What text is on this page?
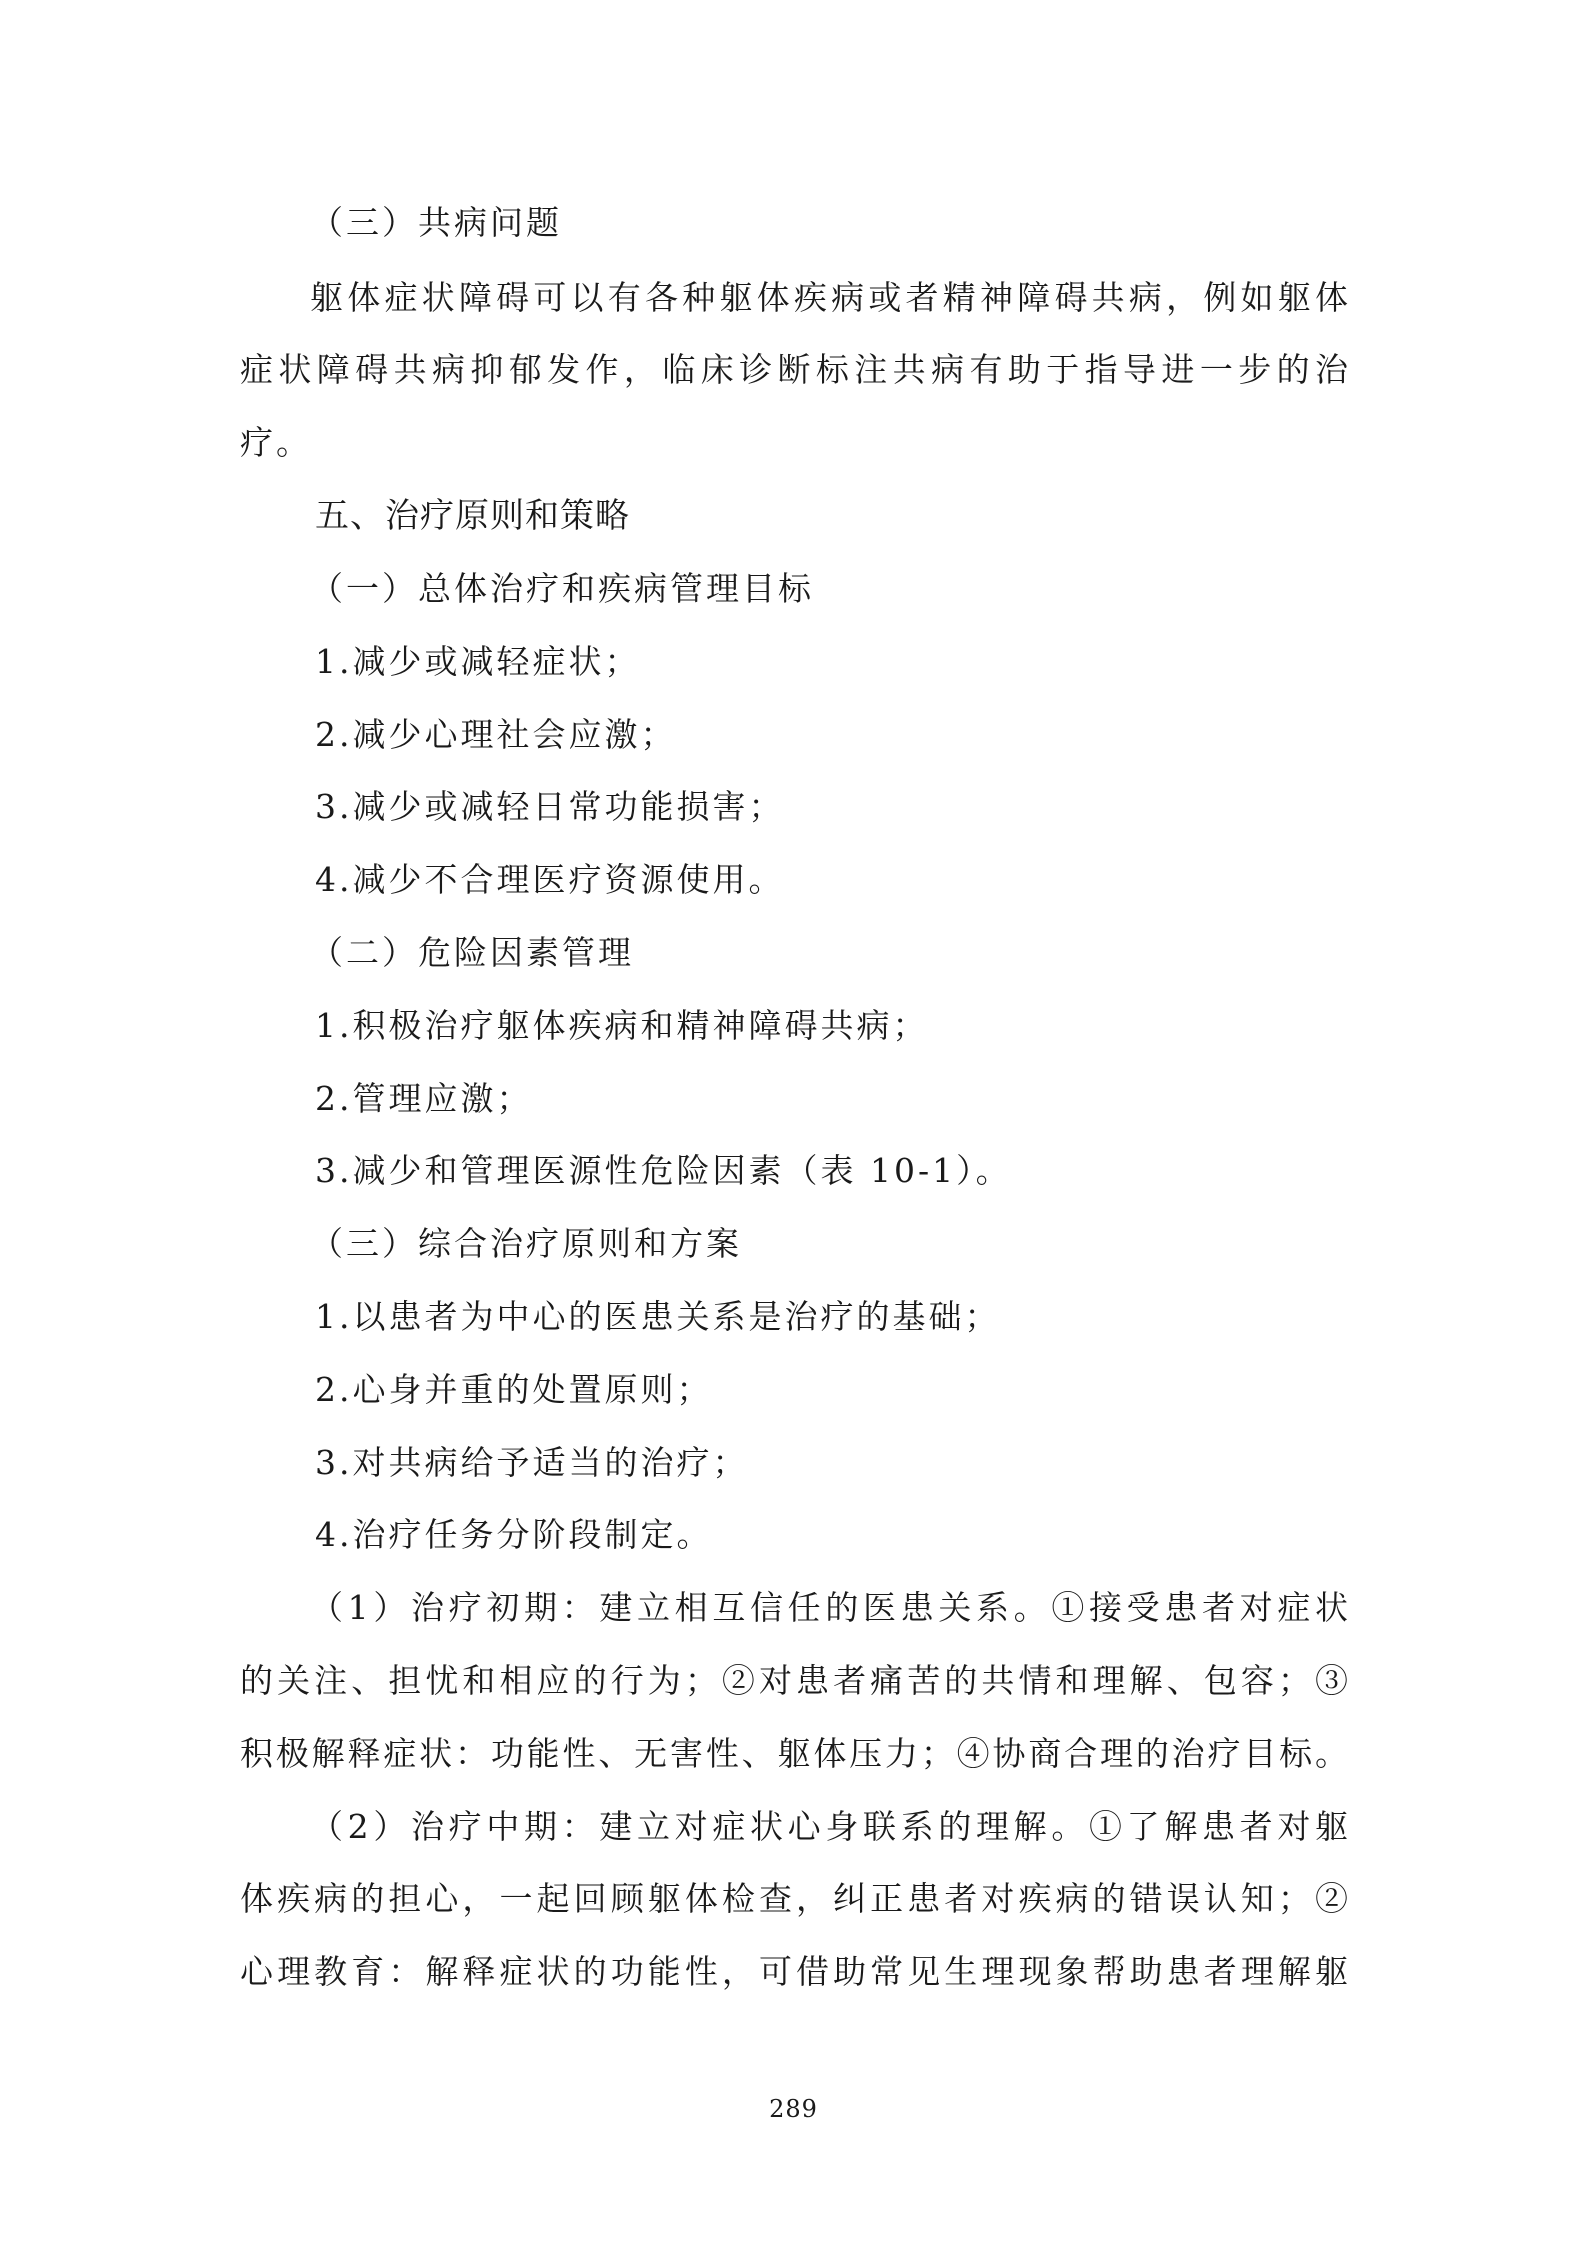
（三）共病问题

躯体症状障碍可以有各种躯体疾病或者精神障碍共病，例如躯体

症状障碍共病抑郁发作，临床诊断标注共病有助于指导进一步的治

疗。

五、治疗原则和策略

（一）总体治疗和疾病管理目标

1.减少或减轻症状；

2.减少心理社会应激；

3.减少或减轻日常功能损害；

4.减少不合理医疗资源使用。

（二）危险因素管理

1.积极治疗躯体疾病和精神障碍共病；

2.管理应激；

3.减少和管理医源性危险因素（表 10-1）。

（三）综合治疗原则和方案

1.以患者为中心的医患关系是治疗的基础；

2.心身并重的处置原则；

3.对共病给予适当的治疗；

4.治疗任务分阶段制定。

（1）治疗初期：建立相互信任的医患关系。①接受患者对症状

的关注、担忧和相应的行为；②对患者痛苦的共情和理解、包容；③

积极解释症状：功能性、无害性、躯体压力；④协商合理的治疗目标。

（2）治疗中期：建立对症状心身联系的理解。①了解患者对躯

体疾病的担心，一起回顾躯体检查，纠正患者对疾病的错误认知；②

心理教育：解释症状的功能性，可借助常见生理现象帮助患者理解躯

289
